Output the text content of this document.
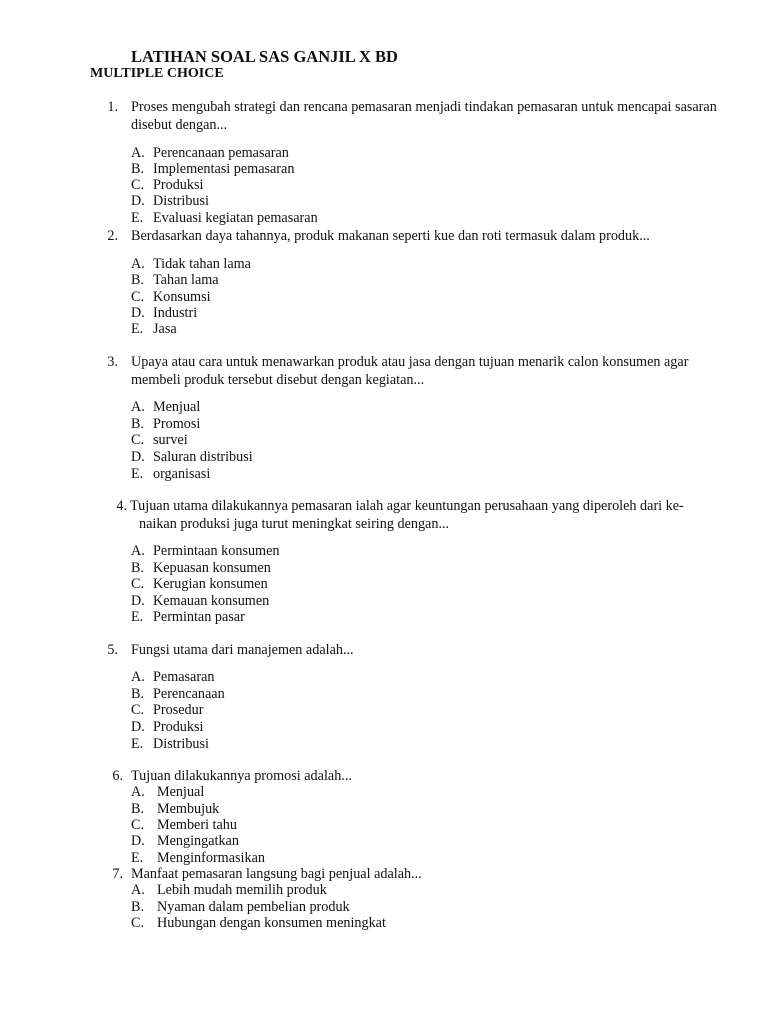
LATIHAN SOAL SAS GANJIL X BD
MULTIPLE CHOICE
1. Proses mengubah strategi dan rencana pemasaran menjadi tindakan pemasaran untuk mencapai sasaran
disebut dengan...
A. Perencanaan pemasaran
B. Implementasi pemasaran
C. Produksi
D. Distribusi
E. Evaluasi kegiatan pemasaran
2. Berdasarkan daya tahannya, produk makanan seperti kue dan roti termasuk dalam produk...
A. Tidak tahan lama
B. Tahan lama
C. Konsumsi
D. Industri
E. Jasa
3. Upaya atau cara untuk menawarkan produk atau jasa dengan tujuan menarik calon konsumen agar
membeli produk tersebut disebut dengan kegiatan...
A. Menjual
B. Promosi
C. survei
D. Saluran distribusi
E. organisasi
4. Tujuan utama dilakukannya pemasaran ialah agar keuntungan perusahaan yang diperoleh dari ke-
naikan produksi juga turut meningkat seiring dengan...
A. Permintaan konsumen
B. Kepuasan konsumen
C. Kerugian konsumen
D. Kemauan konsumen
E. Permintan pasar
5. Fungsi utama dari manajemen adalah...
A. Pemasaran
B. Perencanaan
C. Prosedur
D. Produksi
E. Distribusi
6. Tujuan dilakukannya promosi adalah...
A. Menjual
B. Membujuk
C. Memberi tahu
D. Mengingatkan
E. Menginformasikan
7. Manfaat pemasaran langsung bagi penjual adalah...
A. Lebih mudah memilih produk
B. Nyaman dalam pembelian produk
C. Hubungan dengan konsumen meningkat
